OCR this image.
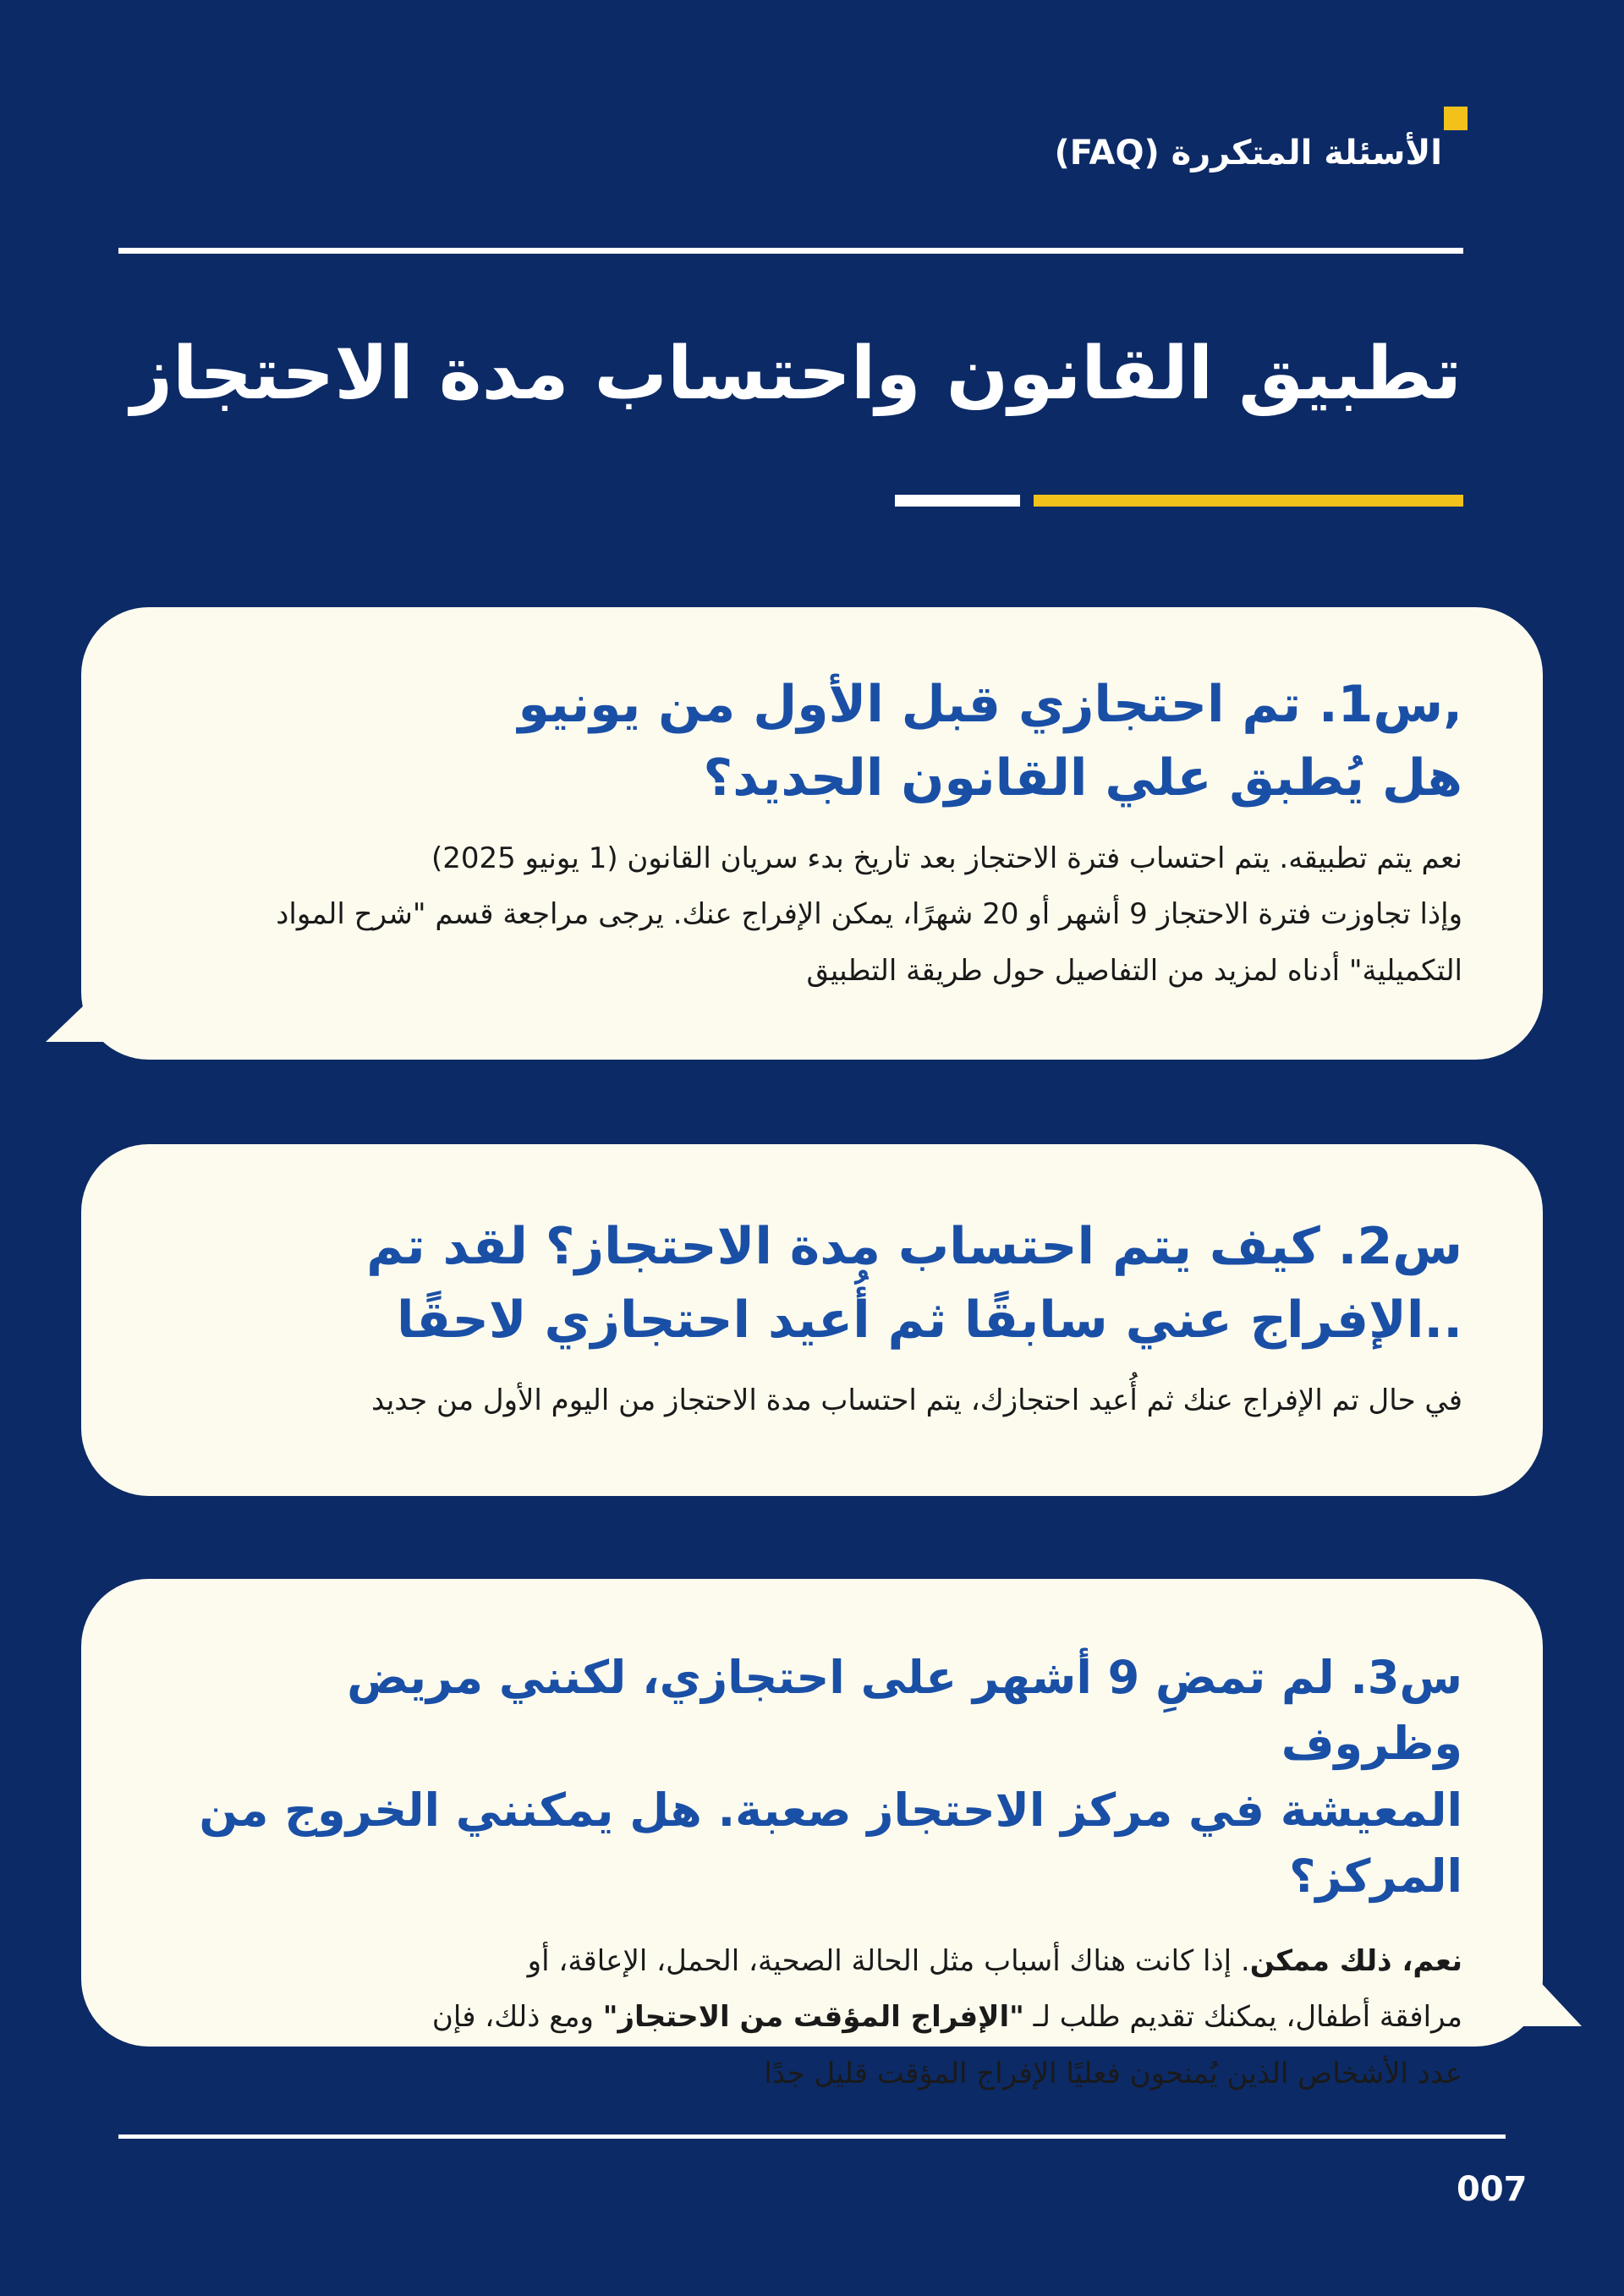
الأسئلة المتكررة (FAQ)
تطبيق القانون واحتساب مدة الاحتجاز
,س1. تم احتجازي قبل الأول من يونيو
هل يُطبق علي القانون الجديد؟

نعم يتم تطبيقه. يتم احتساب فترة الاحتجاز بعد تاريخ بدء سريان القانون (1 يونيو 2025)
وإذا تجاوزت فترة الاحتجاز 9 أشهر أو 20 شهرًا، يمكن الإفراج عنك. يرجى مراجعة قسم "شرح المواد
التكميلية" أدناه لمزيد من التفاصيل حول طريقة التطبيق

س2. كيف يتم احتساب مدة الاحتجاز؟ لقد تم
..الإفراج عني سابقًا ثم أُعيد احتجازي لاحقًا

في حال تم الإفراج عنك ثم أُعيد احتجازك، يتم احتساب مدة الاحتجاز من اليوم الأول من جديد

س3. لم تمضِ 9 أشهر على احتجازي، لكنني مريض وظروف
المعيشة في مركز الاحتجاز صعبة. هل يمكنني الخروج من المركز؟

نعم، ذلك ممكن. إذا كانت هناك أسباب مثل الحالة الصحية، الحمل، الإعاقة، أو
مرافقة أطفال، يمكنك تقديم طلب لـ "الإفراج المؤقت من الاحتجاز" ومع ذلك، فإن
عدد الأشخاص الذين يُمنحون فعليًا الإفراج المؤقت قليل جدًا

007
